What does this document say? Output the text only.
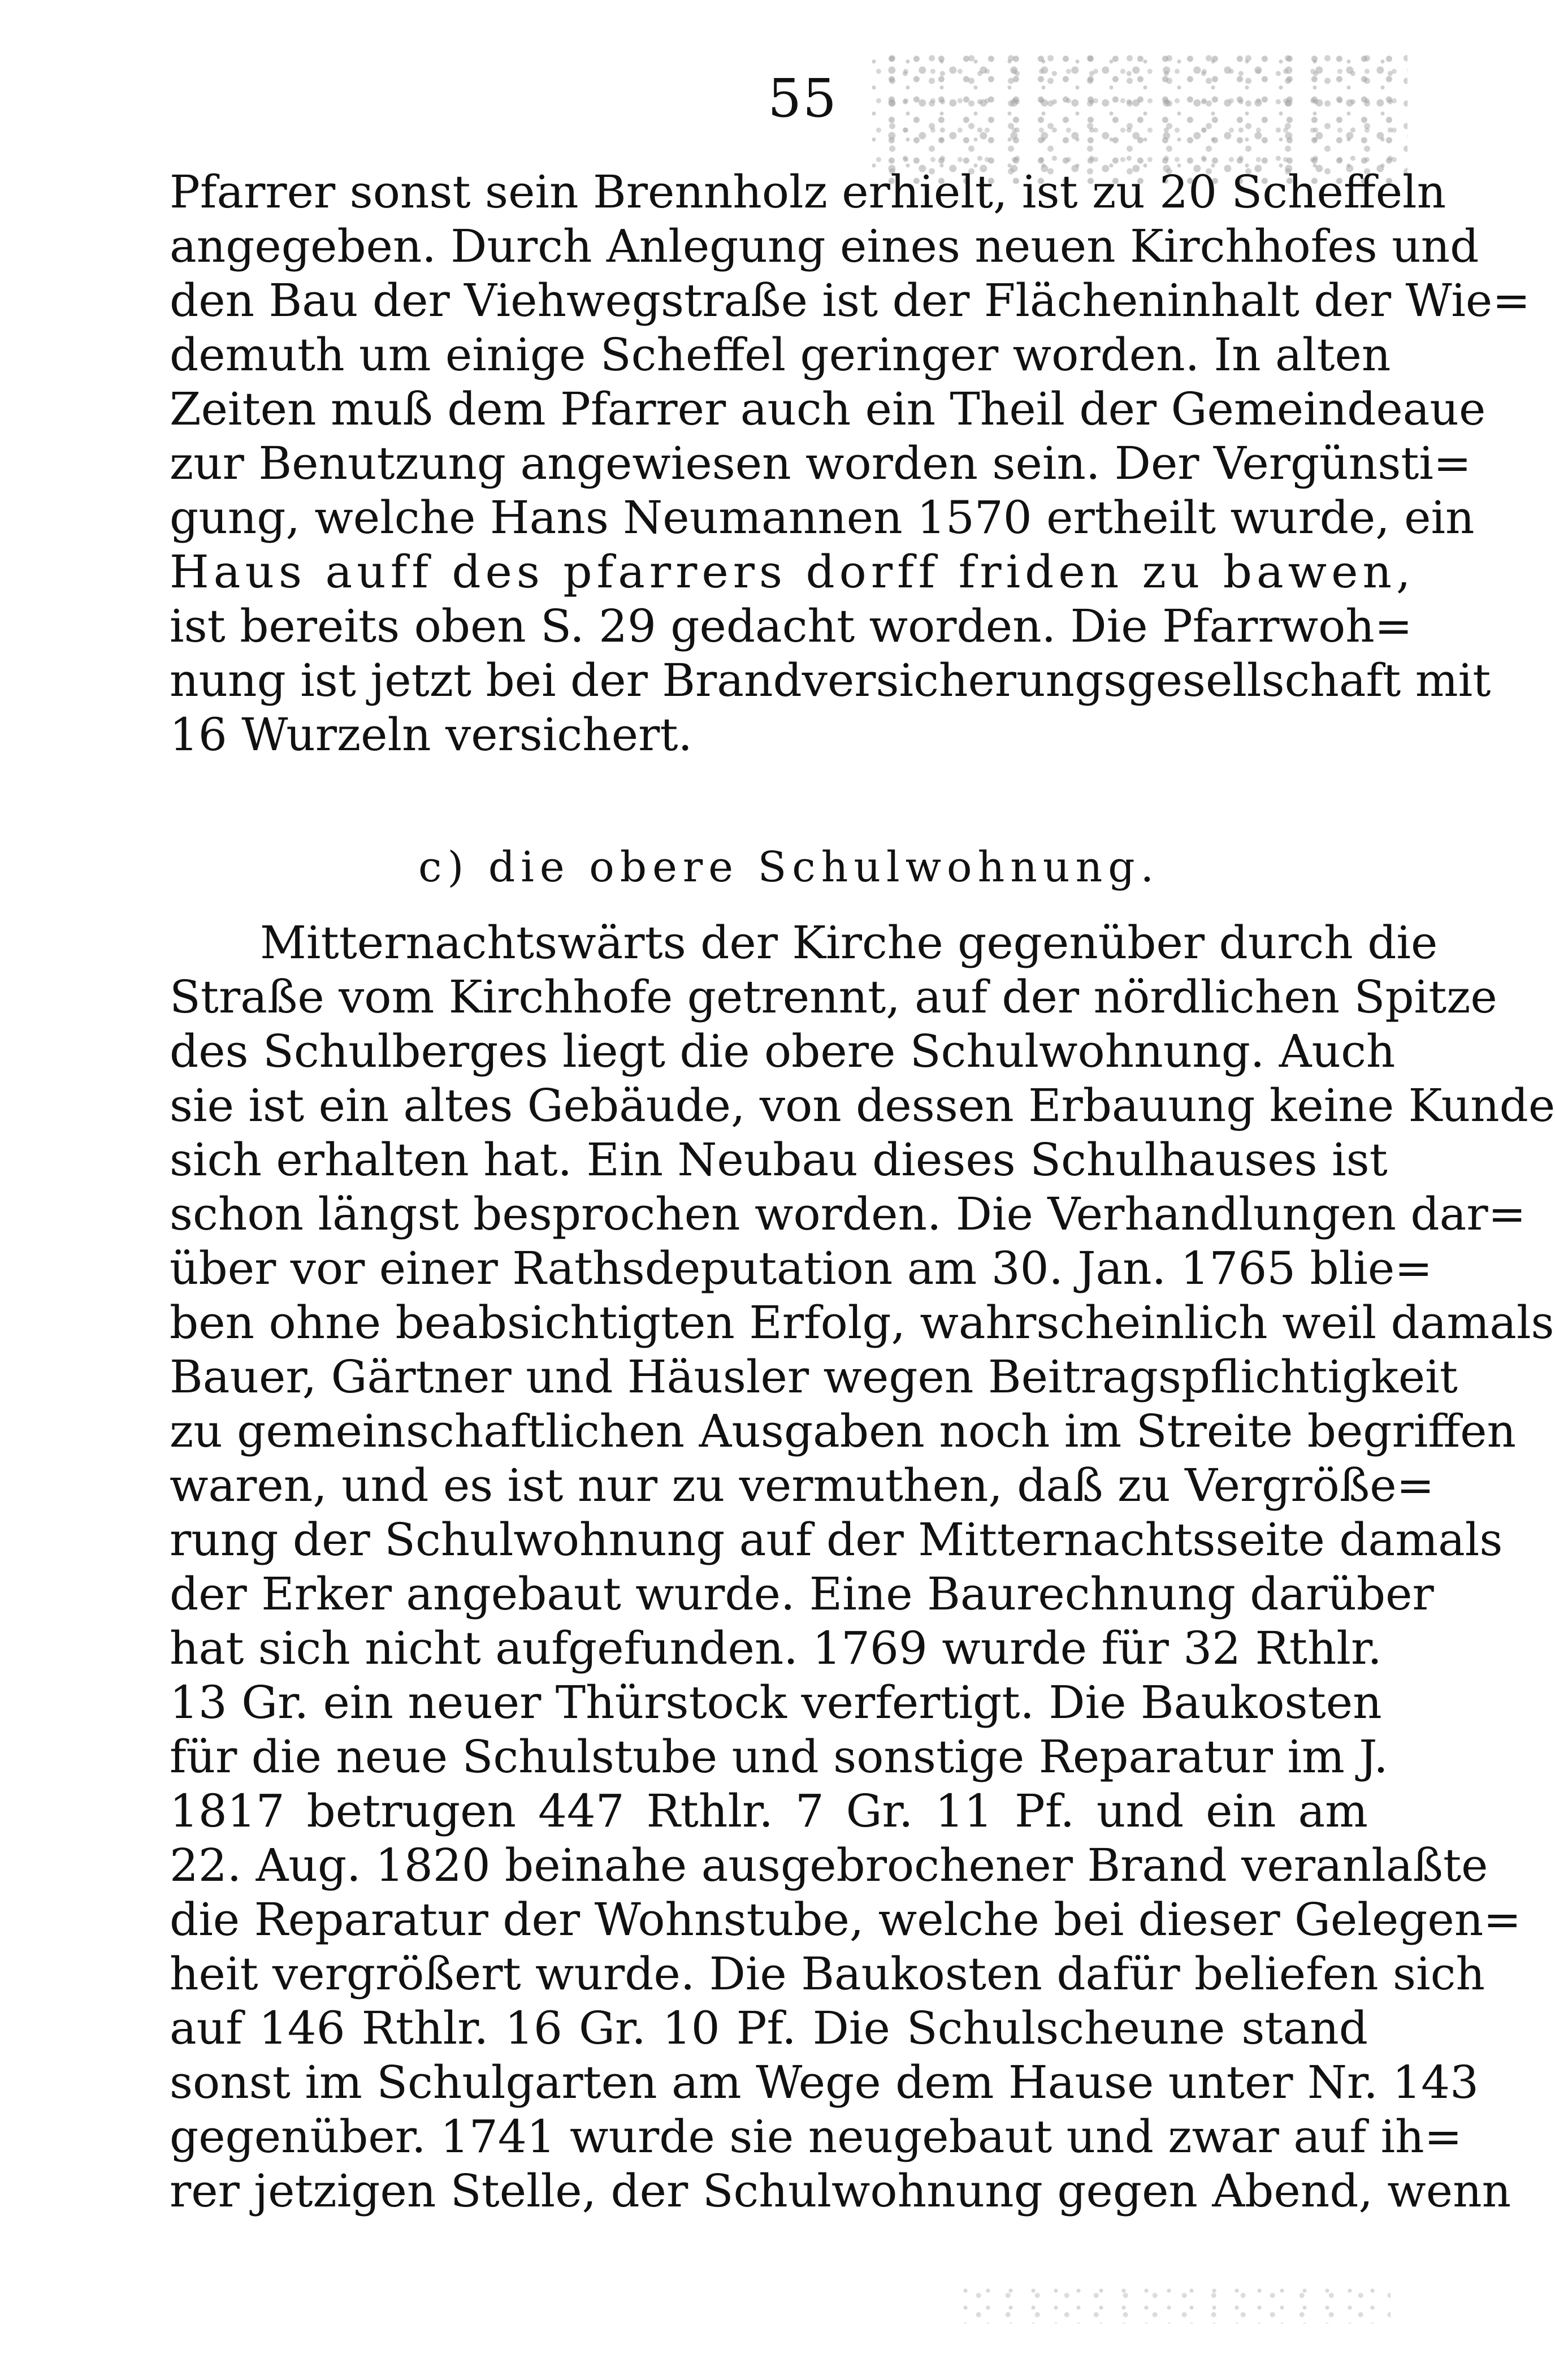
55
Pfarrer sonst sein Brennholz erhielt, ist zu 20 Scheffeln
angegeben. Durch Anlegung eines neuen Kirchhofes und
den Bau der Viehwegstraße ist der Flächeninhalt der Wie=
demuth um einige Scheffel geringer worden. In alten
Zeiten muß dem Pfarrer auch ein Theil der Gemeindeaue
zur Benutzung angewiesen worden sein. Der Vergünsti=
gung, welche Hans Neumannen 1570 ertheilt wurde, ein
Haus auff des pfarrers dorff friden zu bawen,
ist bereits oben S. 29 gedacht worden. Die Pfarrwoh=
nung ist jetzt bei der Brandversicherungsgesellschaft mit
16 Wurzeln versichert.
c) die obere Schulwohnung.
Mitternachtswärts der Kirche gegenüber durch die
Straße vom Kirchhofe getrennt, auf der nördlichen Spitze
des Schulberges liegt die obere Schulwohnung. Auch
sie ist ein altes Gebäude, von dessen Erbauung keine Kunde
sich erhalten hat. Ein Neubau dieses Schulhauses ist
schon längst besprochen worden. Die Verhandlungen dar=
über vor einer Rathsdeputation am 30. Jan. 1765 blie=
ben ohne beabsichtigten Erfolg, wahrscheinlich weil damals
Bauer, Gärtner und Häusler wegen Beitragspflichtigkeit
zu gemeinschaftlichen Ausgaben noch im Streite begriffen
waren, und es ist nur zu vermuthen, daß zu Vergröße=
rung der Schulwohnung auf der Mitternachtsseite damals
der Erker angebaut wurde. Eine Baurechnung darüber
hat sich nicht aufgefunden. 1769 wurde für 32 Rthlr.
13 Gr. ein neuer Thürstock verfertigt. Die Baukosten
für die neue Schulstube und sonstige Reparatur im J.
1817 betrugen 447 Rthlr. 7 Gr. 11 Pf. und ein am
22. Aug. 1820 beinahe ausgebrochener Brand veranlaßte
die Reparatur der Wohnstube, welche bei dieser Gelegen=
heit vergrößert wurde. Die Baukosten dafür beliefen sich
auf 146 Rthlr. 16 Gr. 10 Pf. Die Schulscheune stand
sonst im Schulgarten am Wege dem Hause unter Nr. 143
gegenüber. 1741 wurde sie neugebaut und zwar auf ih=
rer jetzigen Stelle, der Schulwohnung gegen Abend, wenn
